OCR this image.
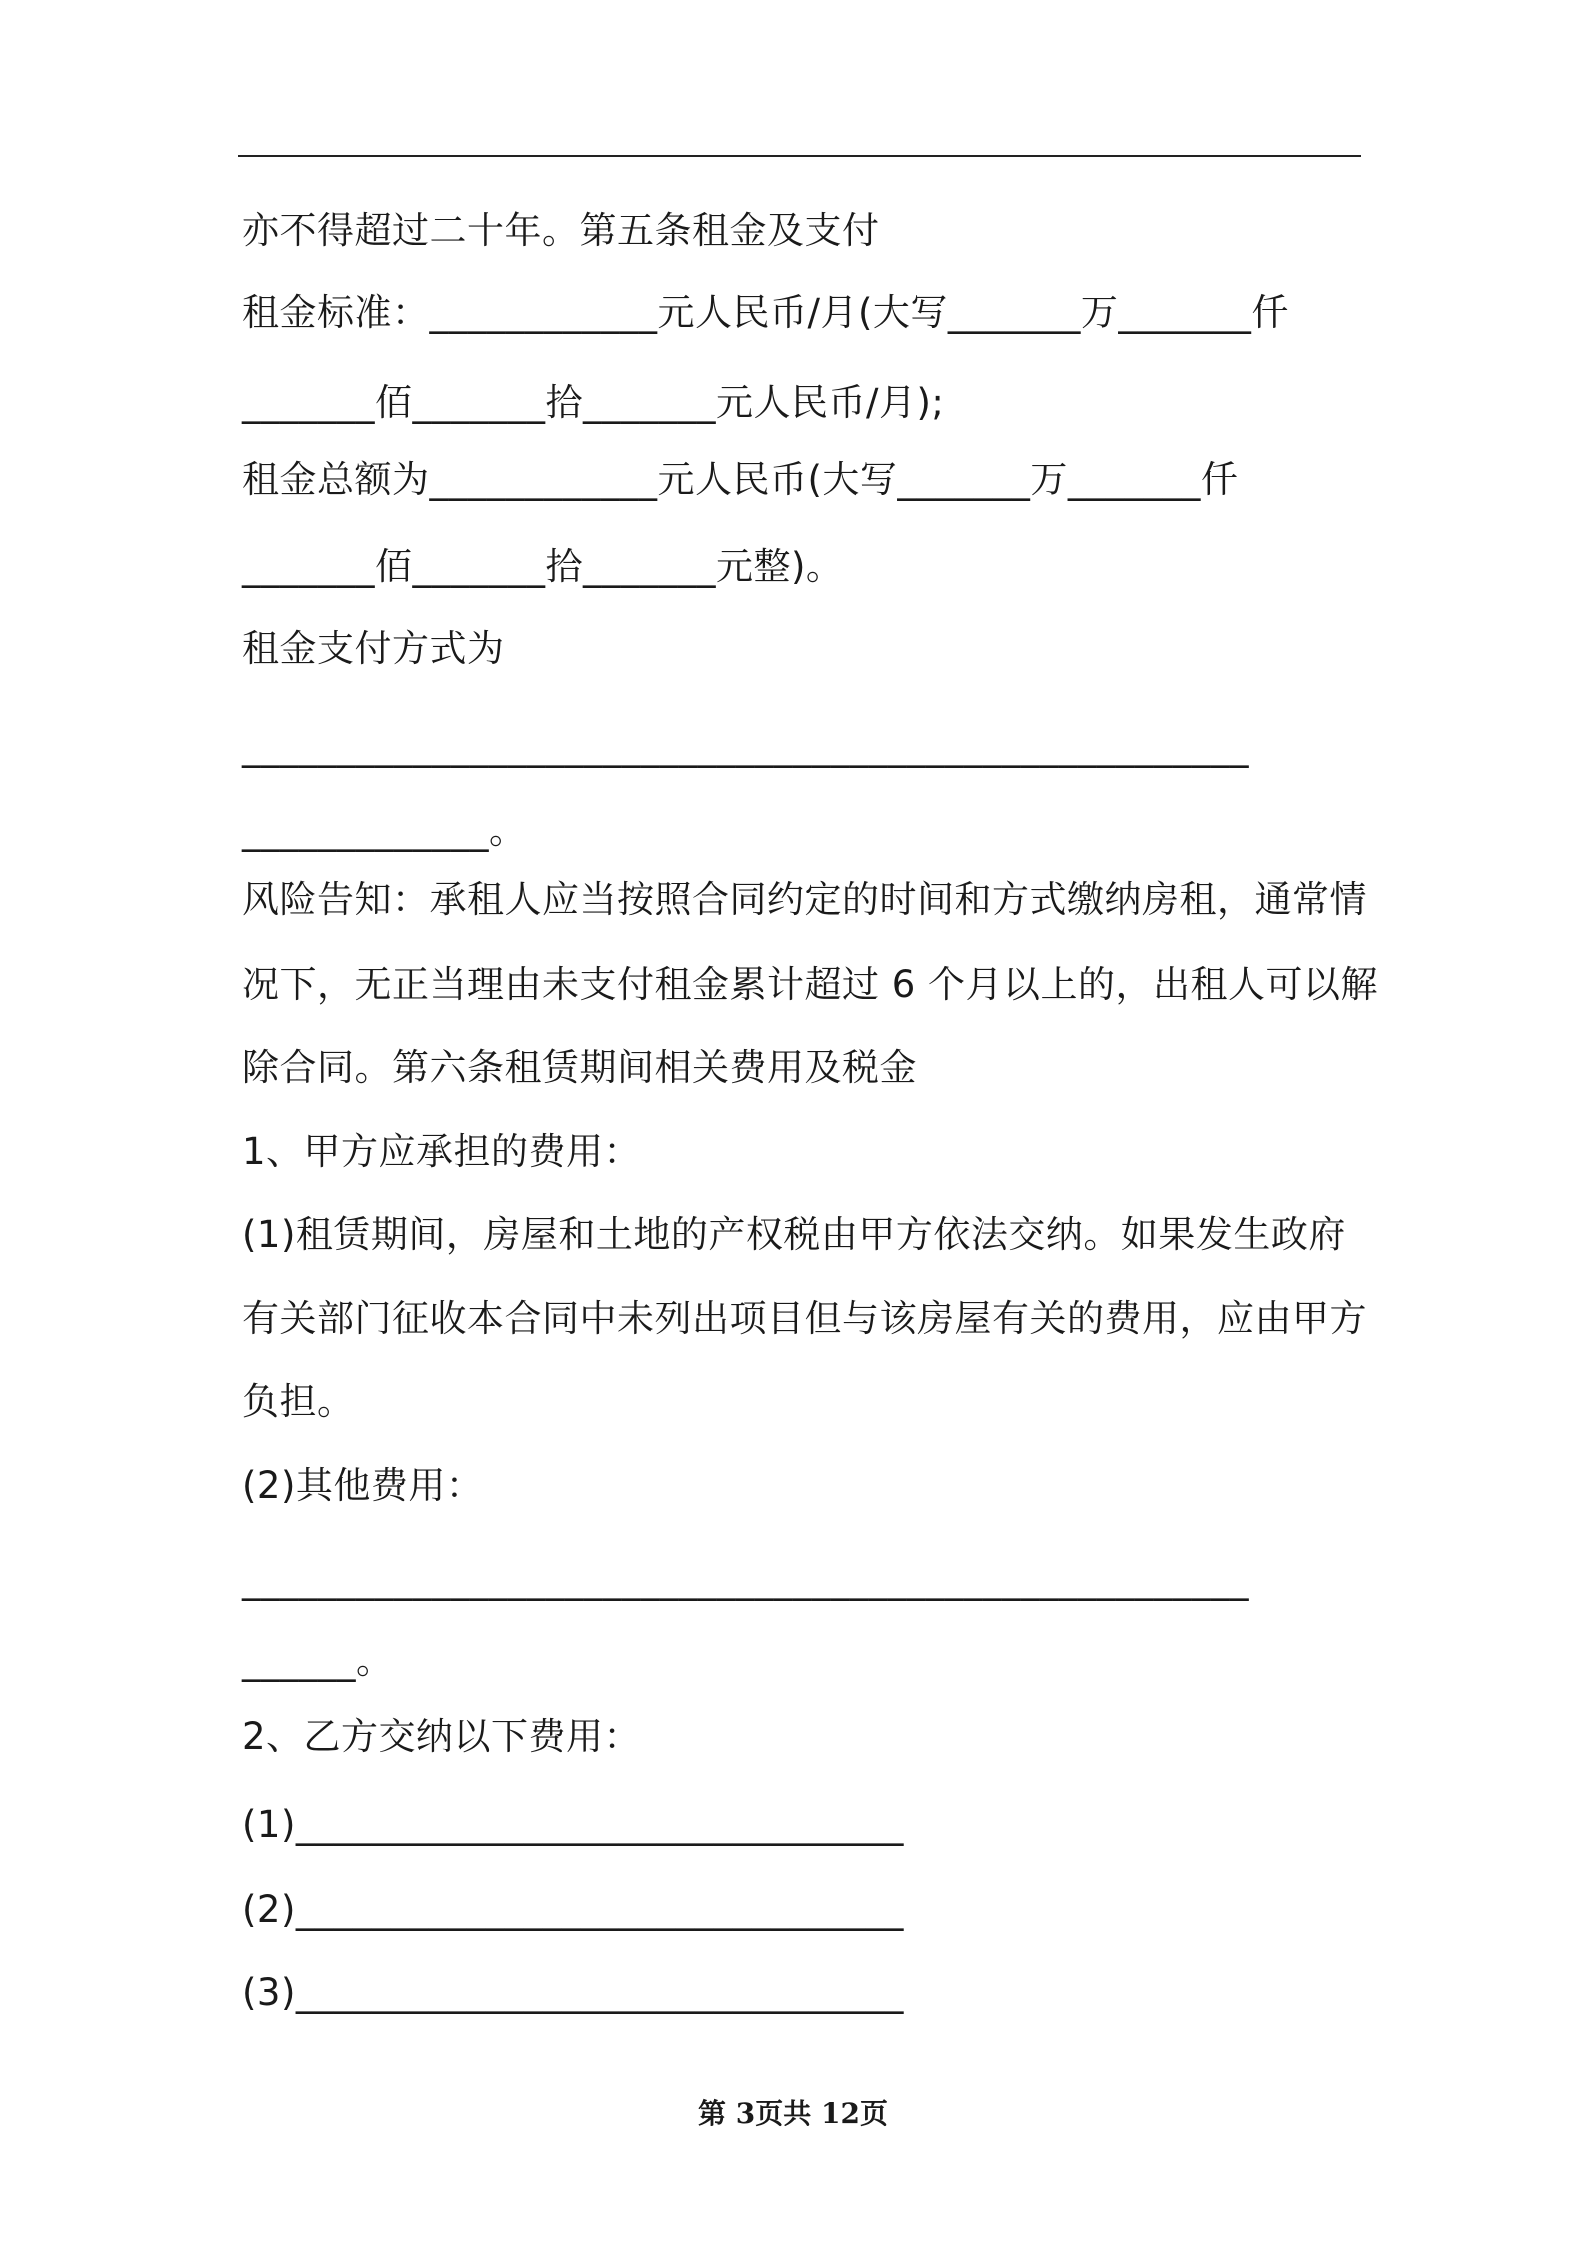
亦不得超过二十年。第五条租金及支付
租金标准：____________元人民币/月(大写_______万_______仟
_______佰_______拾_______元人民币/月);
租金总额为____________元人民币(大写_______万_______仟
_______佰_______拾_______元整)。
租金支付方式为
_____________________________________________________
_____________。
风险告知：承租人应当按照合同约定的时间和方式缴纳房租，通常情
况下，无正当理由未支付租金累计超过 6 个月以上的，出租人可以解
除合同。第六条租赁期间相关费用及税金
1、甲方应承担的费用：
(1)租赁期间，房屋和土地的产权税由甲方依法交纳。如果发生政府
有关部门征收本合同中未列出项目但与该房屋有关的费用，应由甲方
负担。
(2)其他费用：
_____________________________________________________
______。
2、乙方交纳以下费用：
(1)________________________________
(2)________________________________
(3)________________________________
第 3页共 12页
